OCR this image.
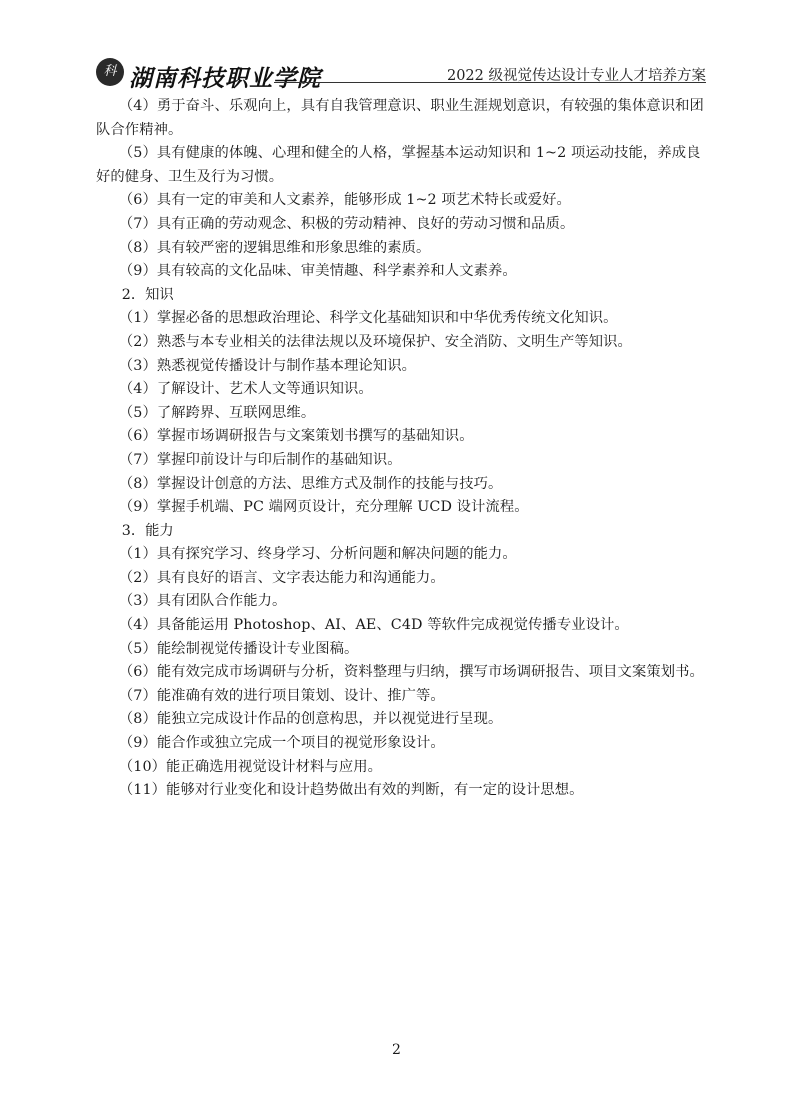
科 湖南科技职业学院	2022 级视觉传达设计专业人才培养方案

（4）勇于奋斗、乐观向上，具有自我管理意识、职业生涯规划意识，有较强的集体意识和团队合作精神。

（5）具有健康的体魄、心理和健全的人格，掌握基本运动知识和 1~2 项运动技能，养成良好的健身、卫生及行为习惯。

（6）具有一定的审美和人文素养，能够形成 1~2 项艺术特长或爱好。

（7）具有正确的劳动观念、积极的劳动精神、良好的劳动习惯和品质。

（8）具有较严密的逻辑思维和形象思维的素质。

（9）具有较高的文化品味、审美情趣、科学素养和人文素养。

2．知识

（1）掌握必备的思想政治理论、科学文化基础知识和中华优秀传统文化知识。

（2）熟悉与本专业相关的法律法规以及环境保护、安全消防、文明生产等知识。

（3）熟悉视觉传播设计与制作基本理论知识。

（4）了解设计、艺术人文等通识知识。

（5）了解跨界、互联网思维。

（6）掌握市场调研报告与文案策划书撰写的基础知识。

（7）掌握印前设计与印后制作的基础知识。

（8）掌握设计创意的方法、思维方式及制作的技能与技巧。

（9）掌握手机端、PC 端网页设计，充分理解 UCD 设计流程。

3．能力

（1）具有探究学习、终身学习、分析问题和解决问题的能力。

（2）具有良好的语言、文字表达能力和沟通能力。

（3）具有团队合作能力。

（4）具备能运用 Photoshop、AI、AE、C4D 等软件完成视觉传播专业设计。

（5）能绘制视觉传播设计专业图稿。

（6）能有效完成市场调研与分析，资料整理与归纳，撰写市场调研报告、项目文案策划书。

（7）能准确有效的进行项目策划、设计、推广等。

（8）能独立完成设计作品的创意构思，并以视觉进行呈现。

（9）能合作或独立完成一个项目的视觉形象设计。

（10）能正确选用视觉设计材料与应用。

（11）能够对行业变化和设计趋势做出有效的判断，有一定的设计思想。

2
